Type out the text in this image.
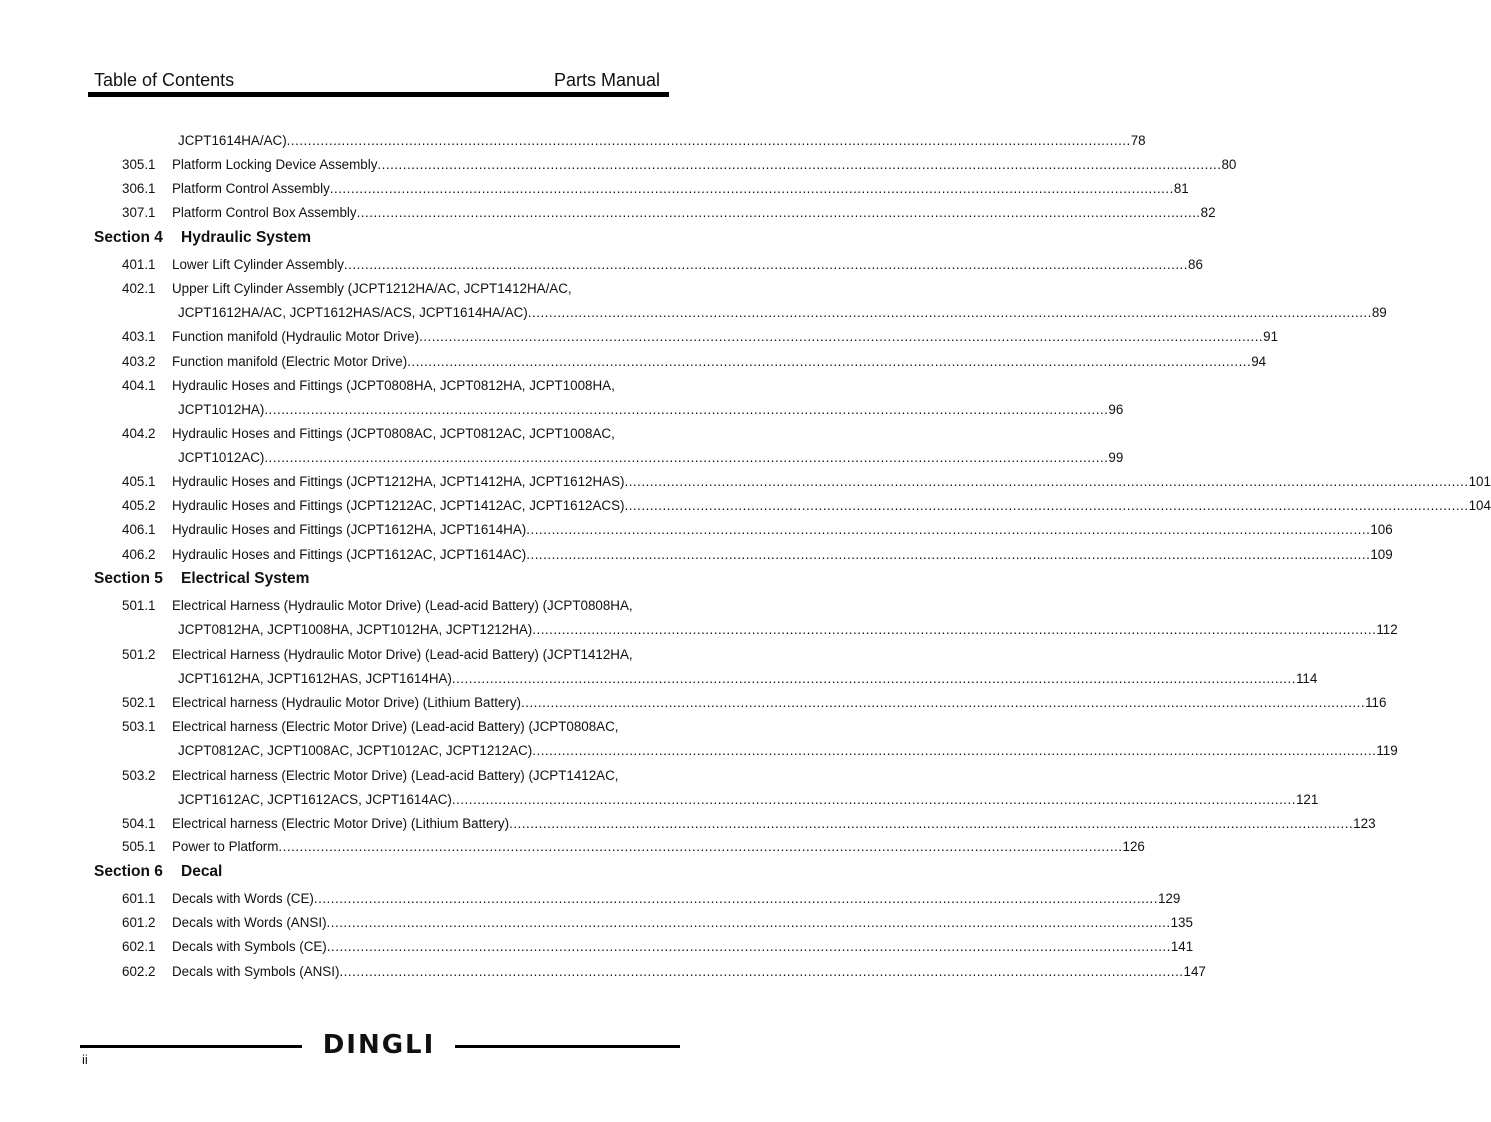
Table of Contents	Parts Manual
JCPT1614HA/AC) ........................................................................................................................................................................................................ 78
305.1 Platform Locking Device Assembly ........................................................................................................................................................................................................ 80
306.1 Platform Control Assembly ........................................................................................................................................................................................................ 81
307.1 Platform Control Box Assembly ........................................................................................................................................................................................................ 82
Section 4 Hydraulic System
401.1 Lower Lift Cylinder Assembly ........................................................................................................................................................................................................ 86
402.1 Upper Lift Cylinder Assembly (JCPT1212HA/AC, JCPT1412HA/AC,
JCPT1612HA/AC, JCPT1612HAS/ACS, JCPT1614HA/AC) ........................................................................................................................................................................................................ 89
403.1 Function manifold (Hydraulic Motor Drive) ........................................................................................................................................................................................................ 91
403.2 Function manifold (Electric Motor Drive) ........................................................................................................................................................................................................ 94
404.1 Hydraulic Hoses and Fittings (JCPT0808HA, JCPT0812HA, JCPT1008HA,
JCPT1012HA) ........................................................................................................................................................................................................ 96
404.2 Hydraulic Hoses and Fittings (JCPT0808AC, JCPT0812AC, JCPT1008AC,
JCPT1012AC) ........................................................................................................................................................................................................ 99
405.1 Hydraulic Hoses and Fittings (JCPT1212HA, JCPT1412HA, JCPT1612HAS) ........................................................................................................................................................................................................ 101
405.2 Hydraulic Hoses and Fittings (JCPT1212AC, JCPT1412AC, JCPT1612ACS) ........................................................................................................................................................................................................ 104
406.1 Hydraulic Hoses and Fittings (JCPT1612HA, JCPT1614HA) ........................................................................................................................................................................................................ 106
406.2 Hydraulic Hoses and Fittings (JCPT1612AC, JCPT1614AC) ........................................................................................................................................................................................................ 109
Section 5 Electrical System
501.1 Electrical Harness (Hydraulic Motor Drive) (Lead-acid Battery) (JCPT0808HA,
JCPT0812HA, JCPT1008HA, JCPT1012HA, JCPT1212HA) ........................................................................................................................................................................................................ 112
501.2 Electrical Harness (Hydraulic Motor Drive) (Lead-acid Battery) (JCPT1412HA,
JCPT1612HA, JCPT1612HAS, JCPT1614HA) ........................................................................................................................................................................................................ 114
502.1 Electrical harness (Hydraulic Motor Drive) (Lithium Battery) ........................................................................................................................................................................................................ 116
503.1 Electrical harness (Electric Motor Drive) (Lead-acid Battery) (JCPT0808AC,
JCPT0812AC, JCPT1008AC, JCPT1012AC, JCPT1212AC) ........................................................................................................................................................................................................ 119
503.2 Electrical harness (Electric Motor Drive) (Lead-acid Battery) (JCPT1412AC,
JCPT1612AC, JCPT1612ACS, JCPT1614AC) ........................................................................................................................................................................................................ 121
504.1 Electrical harness (Electric Motor Drive) (Lithium Battery) ........................................................................................................................................................................................................ 123
505.1 Power to Platform ........................................................................................................................................................................................................ 126
Section 6 Decal
601.1 Decals with Words (CE) ........................................................................................................................................................................................................ 129
601.2 Decals with Words (ANSI) ........................................................................................................................................................................................................ 135
602.1 Decals with Symbols (CE) ........................................................................................................................................................................................................ 141
602.2 Decals with Symbols (ANSI) ........................................................................................................................................................................................................ 147
DINGLI
ii
